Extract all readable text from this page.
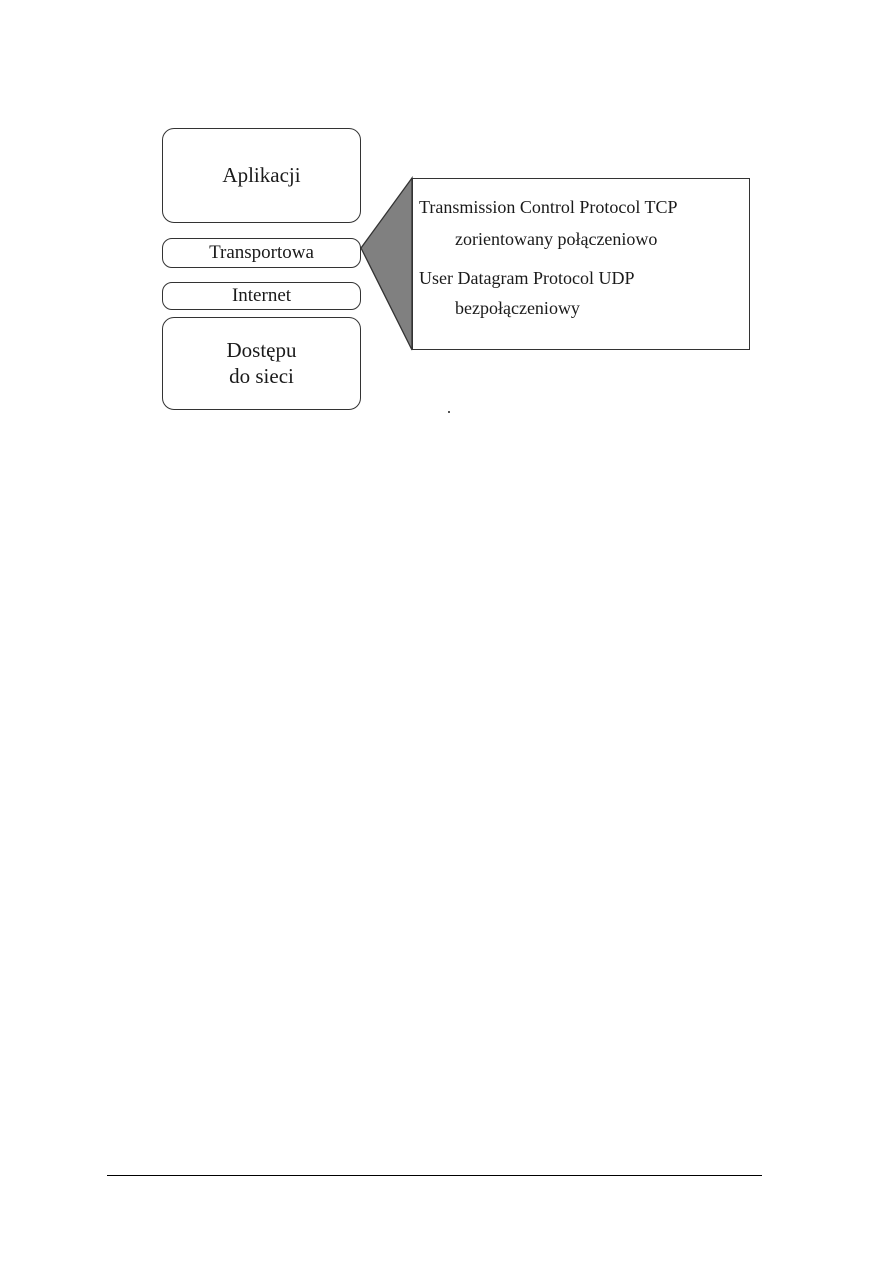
Aplikacji
Transportowa
Internet
Dostępu
do sieci
Transmission Control Protocol TCP
zorientowany połączeniowo
User Datagram Protocol UDP
bezpołączeniowy
